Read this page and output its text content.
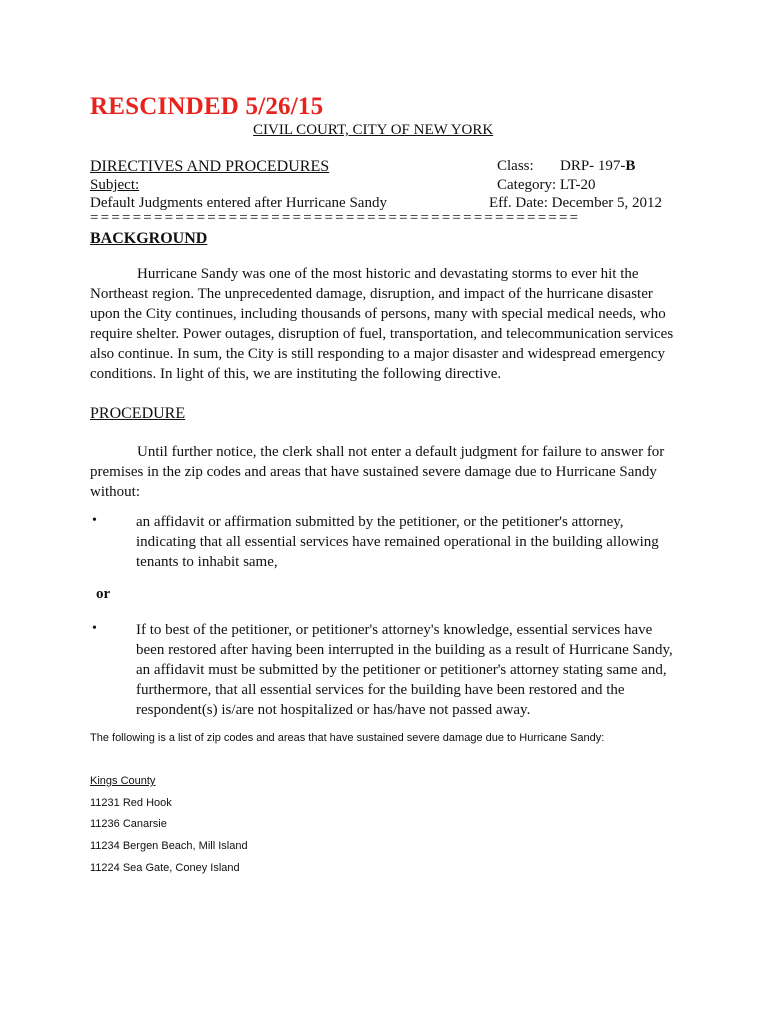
RESCINDED 5/26/15
CIVIL COURT, CITY OF NEW YORK
DIRECTIVES AND PROCEDURES
Subject:
Default Judgments entered after Hurricane Sandy
Class: DRP- 197-B
Category: LT-20
Eff. Date: December 5, 2012
==============================================
BACKGROUND
Hurricane Sandy was one of the most historic and devastating storms to ever hit the Northeast region. The unprecedented damage, disruption, and impact of the hurricane disaster upon the City continues, including thousands of persons, many with special medical needs, who require shelter. Power outages, disruption of fuel, transportation, and telecommunication services also continue. In sum, the City is still responding to a major disaster and widespread emergency conditions. In light of this, we are instituting the following directive.
PROCEDURE
Until further notice, the clerk shall not enter a default judgment for failure to answer for premises in the zip codes and areas that have sustained severe damage due to Hurricane Sandy without:
•	an affidavit or affirmation submitted by the petitioner, or the petitioner's attorney, indicating that all essential services have remained operational in the building allowing tenants to inhabit same,
or
•	If to best of the petitioner, or petitioner's attorney's knowledge, essential services have been restored after having been interrupted in the building as a result of Hurricane Sandy, an affidavit must be submitted by the petitioner or petitioner's attorney stating same and, furthermore, that all essential services for the building have been restored and the respondent(s) is/are not hospitalized or has/have not passed away.
The following is a list of zip codes and areas that have sustained severe damage due to Hurricane Sandy:
Kings County
11231 Red Hook
11236 Canarsie
11234 Bergen Beach, Mill Island
11224 Sea Gate, Coney Island
